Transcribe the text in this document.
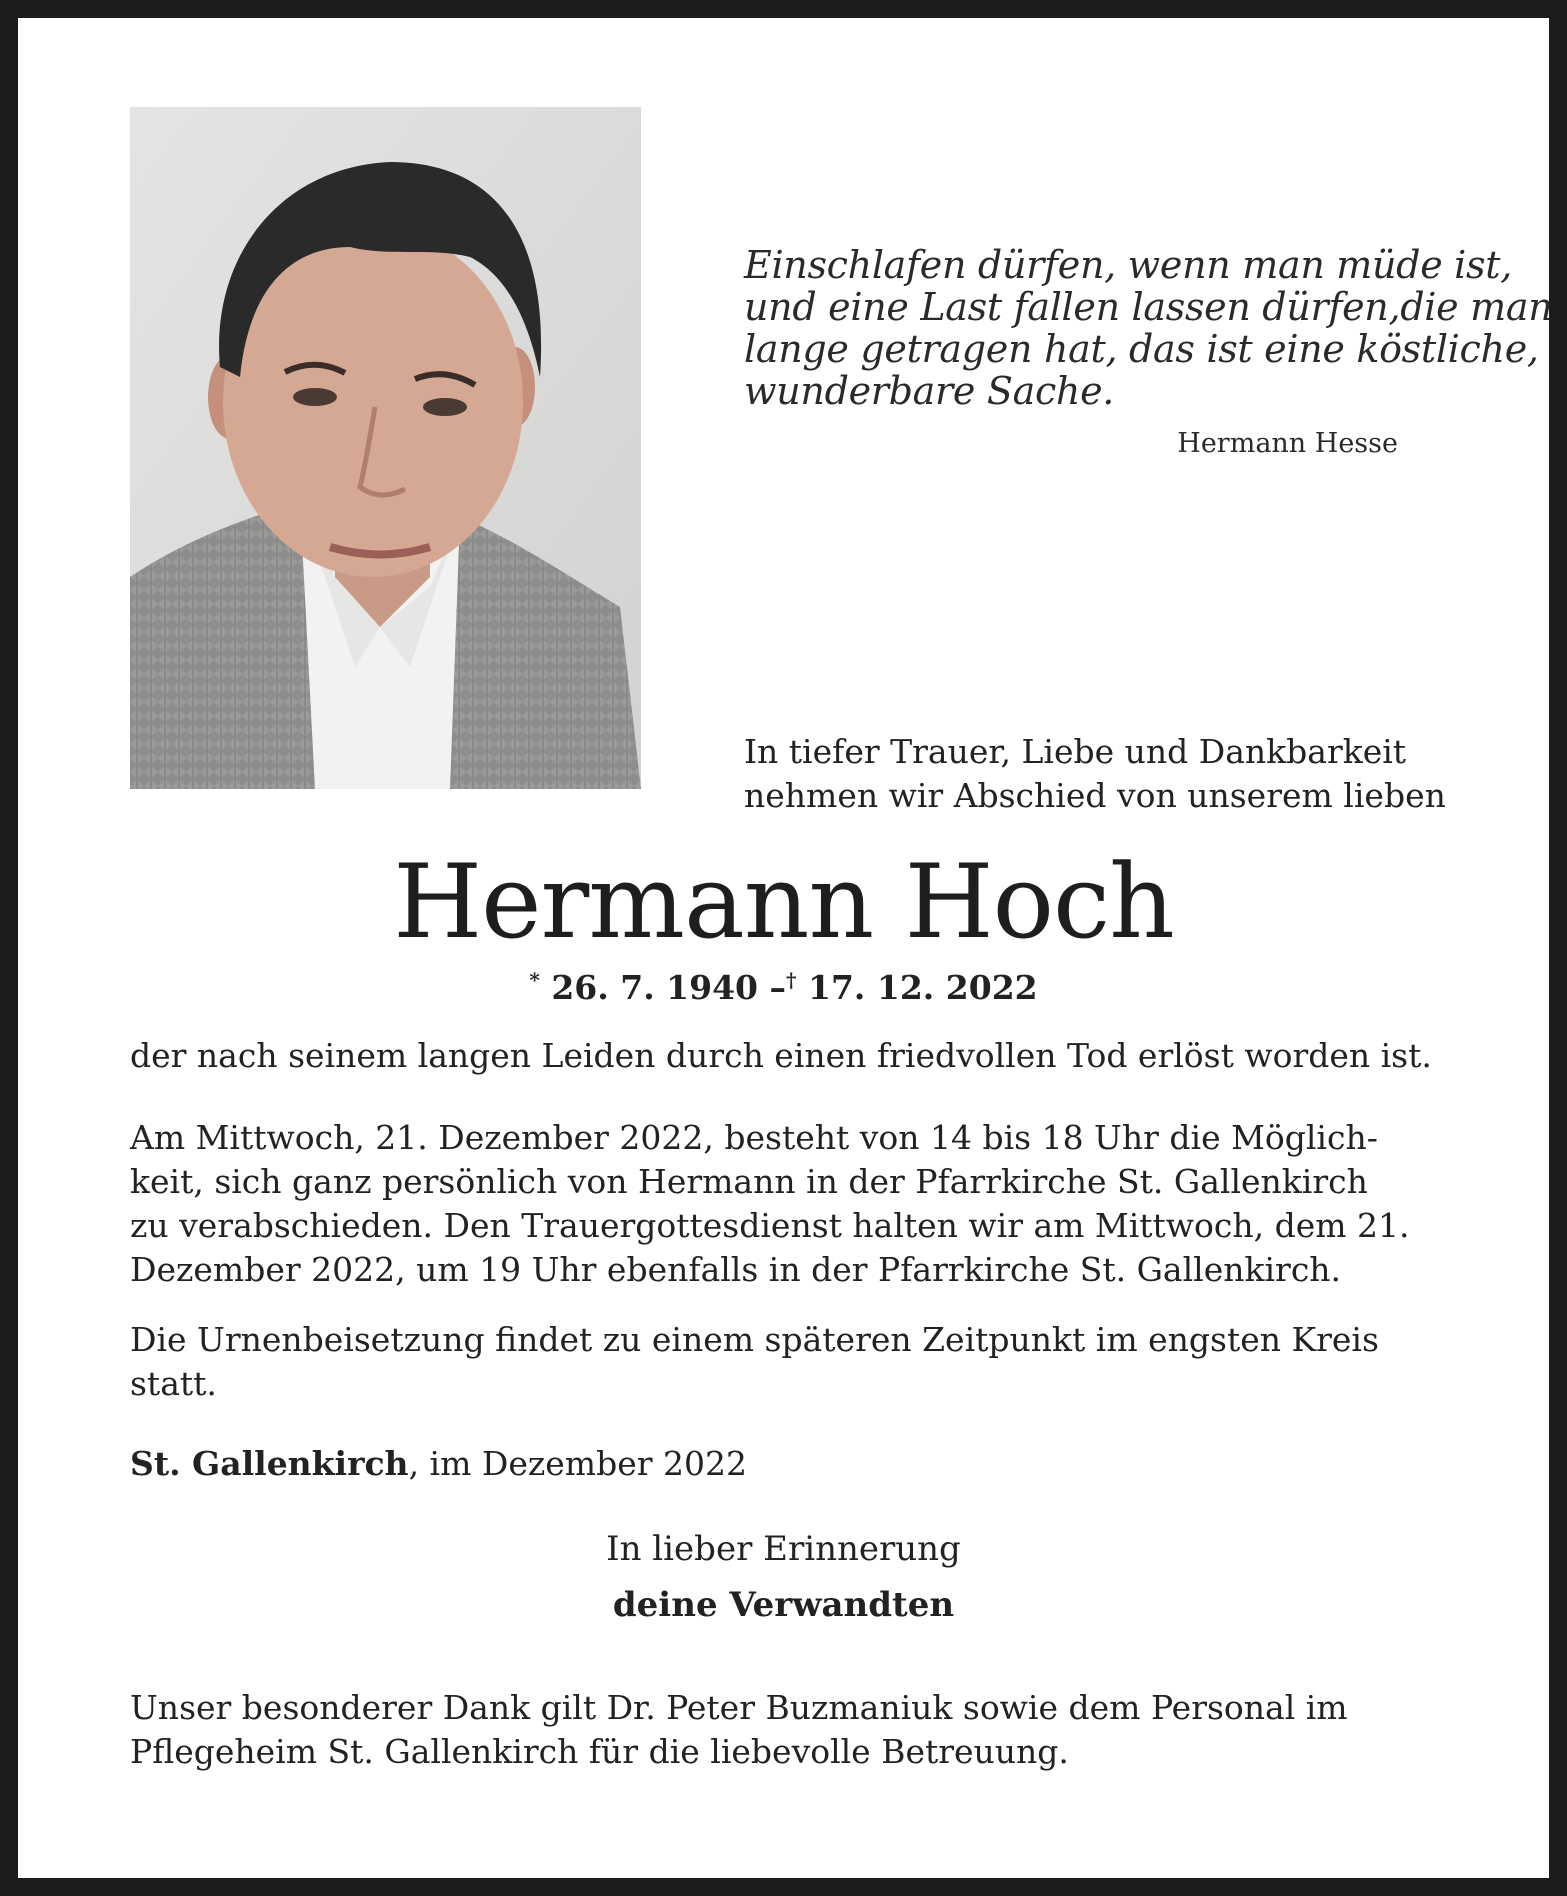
Einschlafen dürfen, wenn man müde ist,
und eine Last fallen lassen dürfen,die man
lange getragen hat, das ist eine köstliche,
wunderbare Sache.
Hermann Hesse
In tiefer Trauer, Liebe und Dankbarkeit
nehmen wir Abschied von unserem lieben
Hermann Hoch
* 26. 7. 1940 –† 17. 12. 2022
der nach seinem langen Leiden durch einen friedvollen Tod erlöst worden ist.
Am Mittwoch, 21. Dezember 2022, besteht von 14 bis 18 Uhr die Möglich-
keit, sich ganz persönlich von Hermann in der Pfarrkirche St. Gallenkirch
zu verabschieden. Den Trauergottesdienst halten wir am Mittwoch, dem 21.
Dezember 2022, um 19 Uhr ebenfalls in der Pfarrkirche St. Gallenkirch.
Die Urnenbeisetzung findet zu einem späteren Zeitpunkt im engsten Kreis
statt.
St. Gallenkirch, im Dezember 2022
In lieber Erinnerung
deine Verwandten
Unser besonderer Dank gilt Dr. Peter Buzmaniuk sowie dem Personal im
Pflegeheim St. Gallenkirch für die liebevolle Betreuung.
